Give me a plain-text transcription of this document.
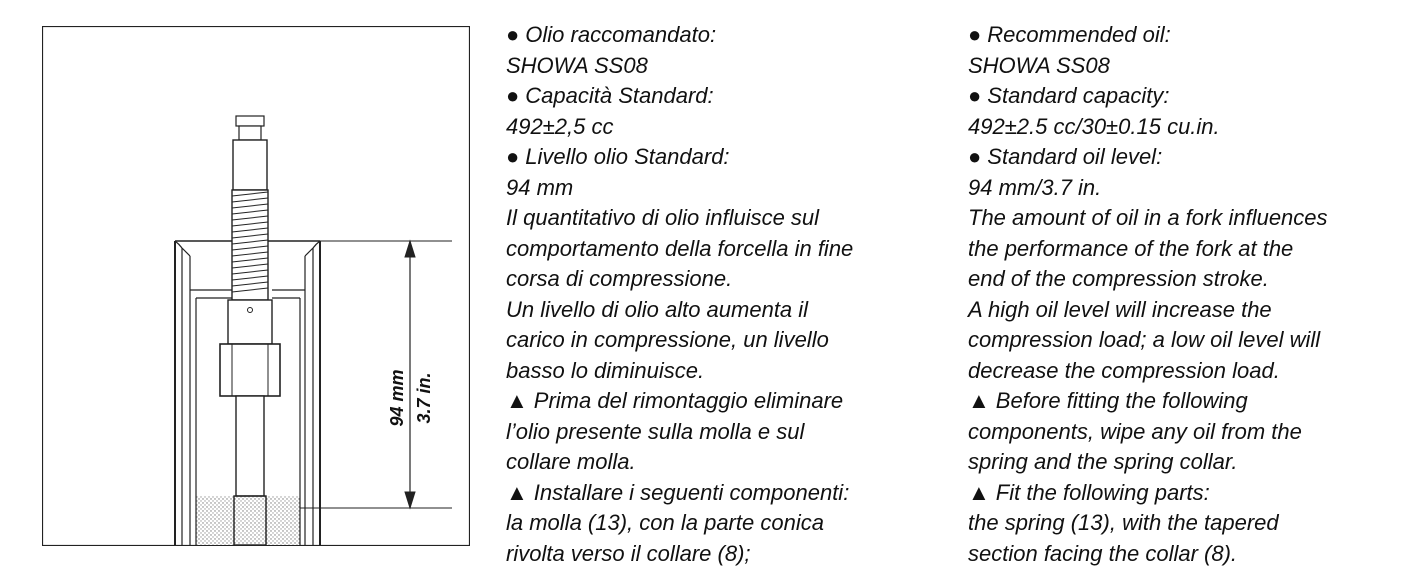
94 mm 3.7 in.
● Olio raccomandato:
SHOWA SS08
● Capacità Standard:
492±2,5 cc
● Livello olio Standard:
94 mm
Il quantitativo di olio influisce sul
comportamento della forcella in fine
corsa di compressione.
Un livello di olio alto aumenta il
carico in compressione, un livello
basso lo diminuisce.
▲ Prima del rimontaggio eliminare
l’olio presente sulla molla e sul
collare molla.
▲ Installare i seguenti componenti:
la molla (13), con la parte conica
rivolta verso il collare (8);
● Recommended oil:
SHOWA SS08
● Standard capacity:
492±2.5 cc/30±0.15 cu.in.
● Standard oil level:
94 mm/3.7 in.
The amount of oil in a fork influences
the performance of the fork at the
end of the compression stroke.
A high oil level will increase the
compression load; a low oil level will
decrease the compression load.
▲ Before fitting the following
components, wipe any oil from the
spring and the spring collar.
▲ Fit the following parts:
the spring (13), with the tapered
section facing the collar (8).
